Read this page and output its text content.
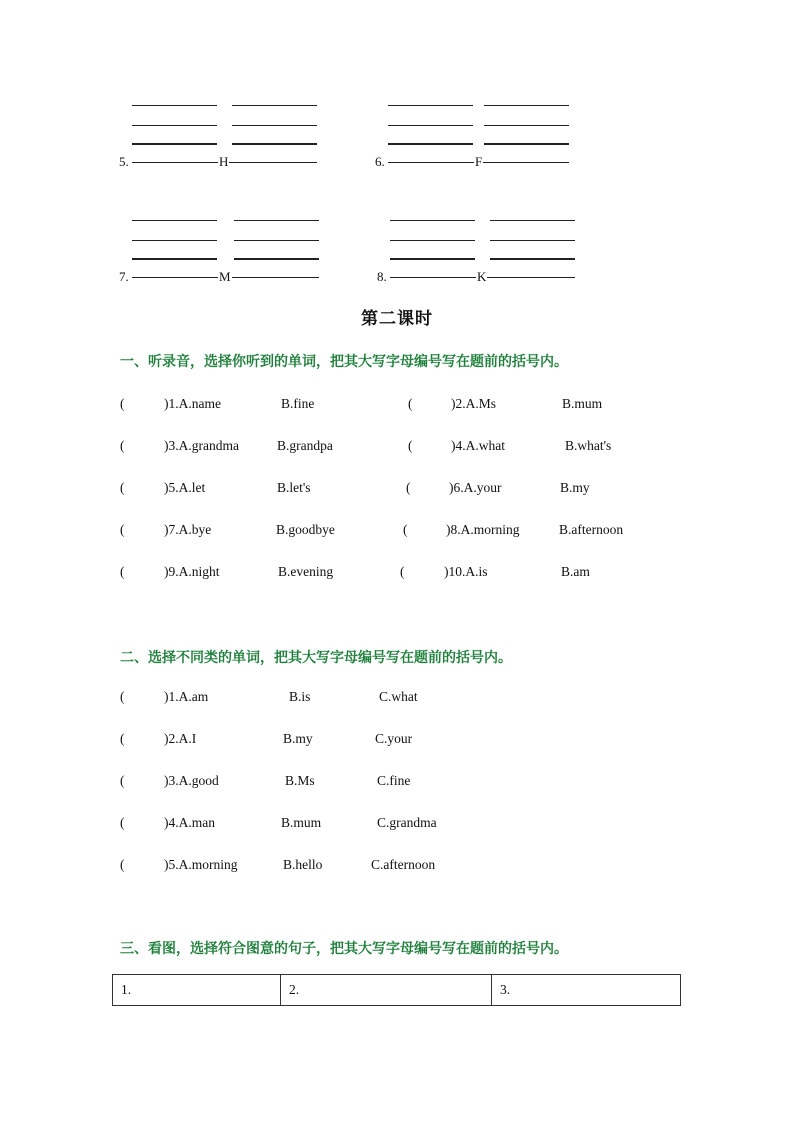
5.	H	6.	F
7.	M	8.	K
第二课时
一、听录音，选择你听到的单词，把其大写字母编号写在题前的括号内。
(	)1.A.name	B.fine	(	)2.A.Ms	B.mum
(	)3.A.grandma	B.grandpa	(	)4.A.what	B.what's
(	)5.A.let	B.let's	(	)6.A.your	B.my
(	)7.A.bye	B.goodbye	(	)8.A.morning	B.afternoon
(	)9.A.night	B.evening	(	)10.A.is	B.am
二、选择不同类的单词，把其大写字母编号写在题前的括号内。
(	)1.A.am	B.is	C.what
(	)2.A.I	B.my	C.your
(	)3.A.good	B.Ms	C.fine
(	)4.A.man	B.mum	C.grandma
(	)5.A.morning	B.hello	C.afternoon
三、看图，选择符合图意的句子，把其大写字母编号写在题前的括号内。
1.	2.	3.
